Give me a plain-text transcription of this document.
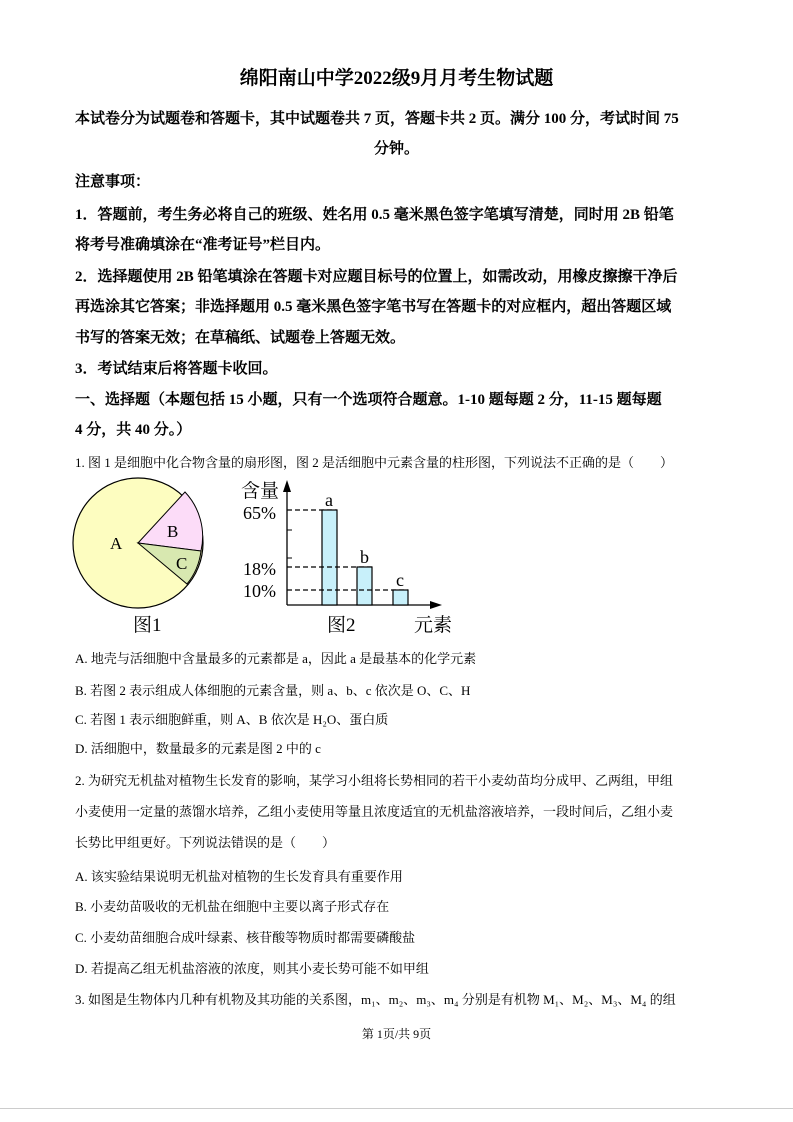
绵阳南山中学2022级9月月考生物试题
本试卷分为试题卷和答题卡，其中试题卷共 7 页，答题卡共 2 页。满分 100 分，考试时间 75
分钟。
注意事项：
1．答题前，考生务必将自己的班级、姓名用 0.5 毫米黑色签字笔填写清楚，同时用 2B 铅笔
将考号准确填涂在“准考证号”栏目内。
2．选择题使用 2B 铅笔填涂在答题卡对应题目标号的位置上，如需改动，用橡皮擦擦干净后
再选涂其它答案；非选择题用 0.5 毫米黑色签字笔书写在答题卡的对应框内，超出答题区域
书写的答案无效；在草稿纸、试题卷上答题无效。
3．考试结束后将答题卡收回。
一、选择题（本题包括 15 小题，只有一个选项符合题意。1-10 题每题 2 分，11-15 题每题
4 分，共 40 分。）
1. 图 1 是细胞中化合物含量的扇形图，图 2 是活细胞中元素含量的柱形图，下列说法不正确的是（　　）
A
B
C
图1
a
b
c
含量
65%
18%
10%
图2	元素
A. 地壳与活细胞中含量最多的元素都是 a，因此 a 是最基本的化学元素
B. 若图 2 表示组成人体细胞的元素含量，则 a、b、c 依次是 O、C、H
C. 若图 1 表示细胞鲜重，则 A、B 依次是 H₂O、蛋白质
D. 活细胞中，数量最多的元素是图 2 中的 c
2. 为研究无机盐对植物生长发育的影响，某学习小组将长势相同的若干小麦幼苗均分成甲、乙两组，甲组
小麦使用一定量的蒸馏水培养，乙组小麦使用等量且浓度适宜的无机盐溶液培养，一段时间后，乙组小麦
长势比甲组更好。下列说法错误的是（　　）
A. 该实验结果说明无机盐对植物的生长发育具有重要作用
B. 小麦幼苗吸收的无机盐在细胞中主要以离子形式存在
C. 小麦幼苗细胞合成叶绿素、核苷酸等物质时都需要磷酸盐
D. 若提高乙组无机盐溶液的浓度，则其小麦长势可能不如甲组
3. 如图是生物体内几种有机物及其功能的关系图，m₁、m₂、m₃、m₄ 分别是有机物 M₁、M₂、M₃、M₄ 的组
第 1页/共 9页
